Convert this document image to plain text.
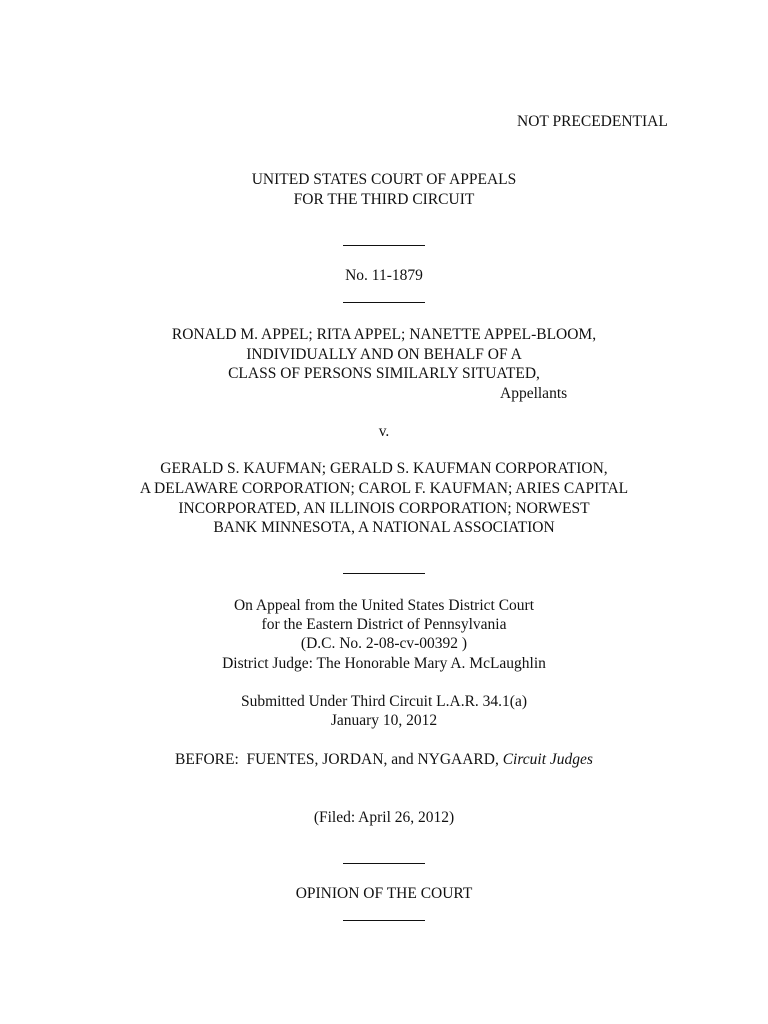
NOT PRECEDENTIAL
UNITED STATES COURT OF APPEALS
FOR THE THIRD CIRCUIT
No. 11-1879
RONALD M. APPEL; RITA APPEL; NANETTE APPEL-BLOOM,
INDIVIDUALLY AND ON BEHALF OF A
CLASS OF PERSONS SIMILARLY SITUATED,
Appellants
v.
GERALD S. KAUFMAN; GERALD S. KAUFMAN CORPORATION,
A DELAWARE CORPORATION; CAROL F. KAUFMAN; ARIES CAPITAL
INCORPORATED, AN ILLINOIS CORPORATION; NORWEST
BANK MINNESOTA, A NATIONAL ASSOCIATION
On Appeal from the United States District Court
for the Eastern District of Pennsylvania
(D.C. No. 2-08-cv-00392 )
District Judge: The Honorable Mary A. McLaughlin
Submitted Under Third Circuit L.A.R. 34.1(a)
January 10, 2012
BEFORE:  FUENTES, JORDAN, and NYGAARD, Circuit Judges
(Filed: April 26, 2012)
OPINION OF THE COURT
